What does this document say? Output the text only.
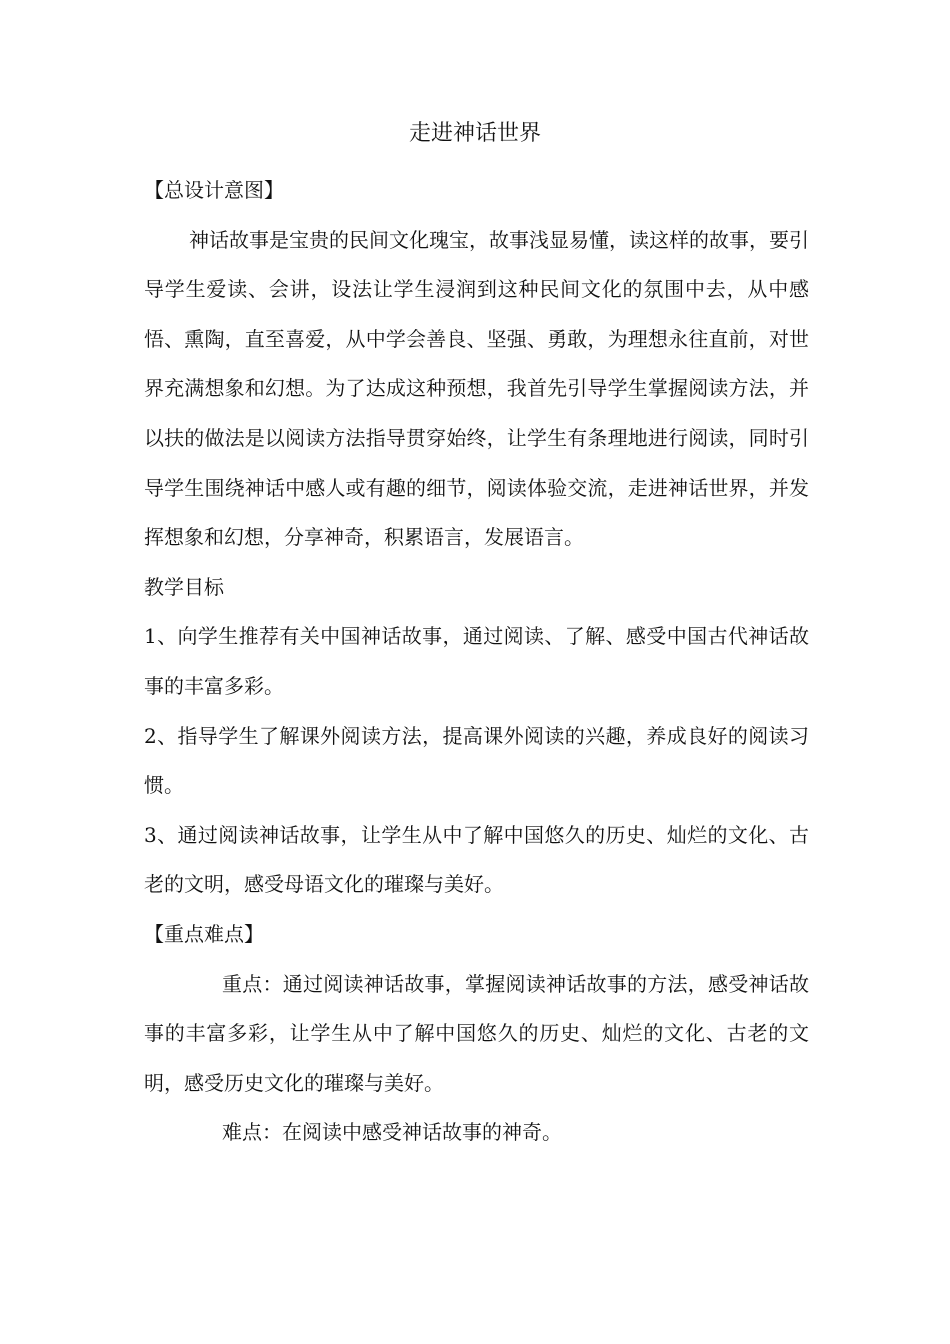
走进神话世界

【总设计意图】

神话故事是宝贵的民间文化瑰宝，故事浅显易懂，读这样的故事，要引导学生爱读、会讲，设法让学生浸润到这种民间文化的氛围中去，从中感悟、熏陶，直至喜爱，从中学会善良、坚强、勇敢，为理想永往直前，对世界充满想象和幻想。为了达成这种预想，我首先引导学生掌握阅读方法，并以扶的做法是以阅读方法指导贯穿始终，让学生有条理地进行阅读，同时引导学生围绕神话中感人或有趣的细节，阅读体验交流，走进神话世界，并发挥想象和幻想，分享神奇，积累语言，发展语言。

教学目标

1、向学生推荐有关中国神话故事，通过阅读、了解、感受中国古代神话故事的丰富多彩。

2、指导学生了解课外阅读方法，提高课外阅读的兴趣，养成良好的阅读习惯。

3、通过阅读神话故事，让学生从中了解中国悠久的历史、灿烂的文化、古老的文明，感受母语文化的璀璨与美好。

【重点难点】

重点：通过阅读神话故事，掌握阅读神话故事的方法，感受神话故事的丰富多彩，让学生从中了解中国悠久的历史、灿烂的文化、古老的文明，感受历史文化的璀璨与美好。

难点：在阅读中感受神话故事的神奇。
